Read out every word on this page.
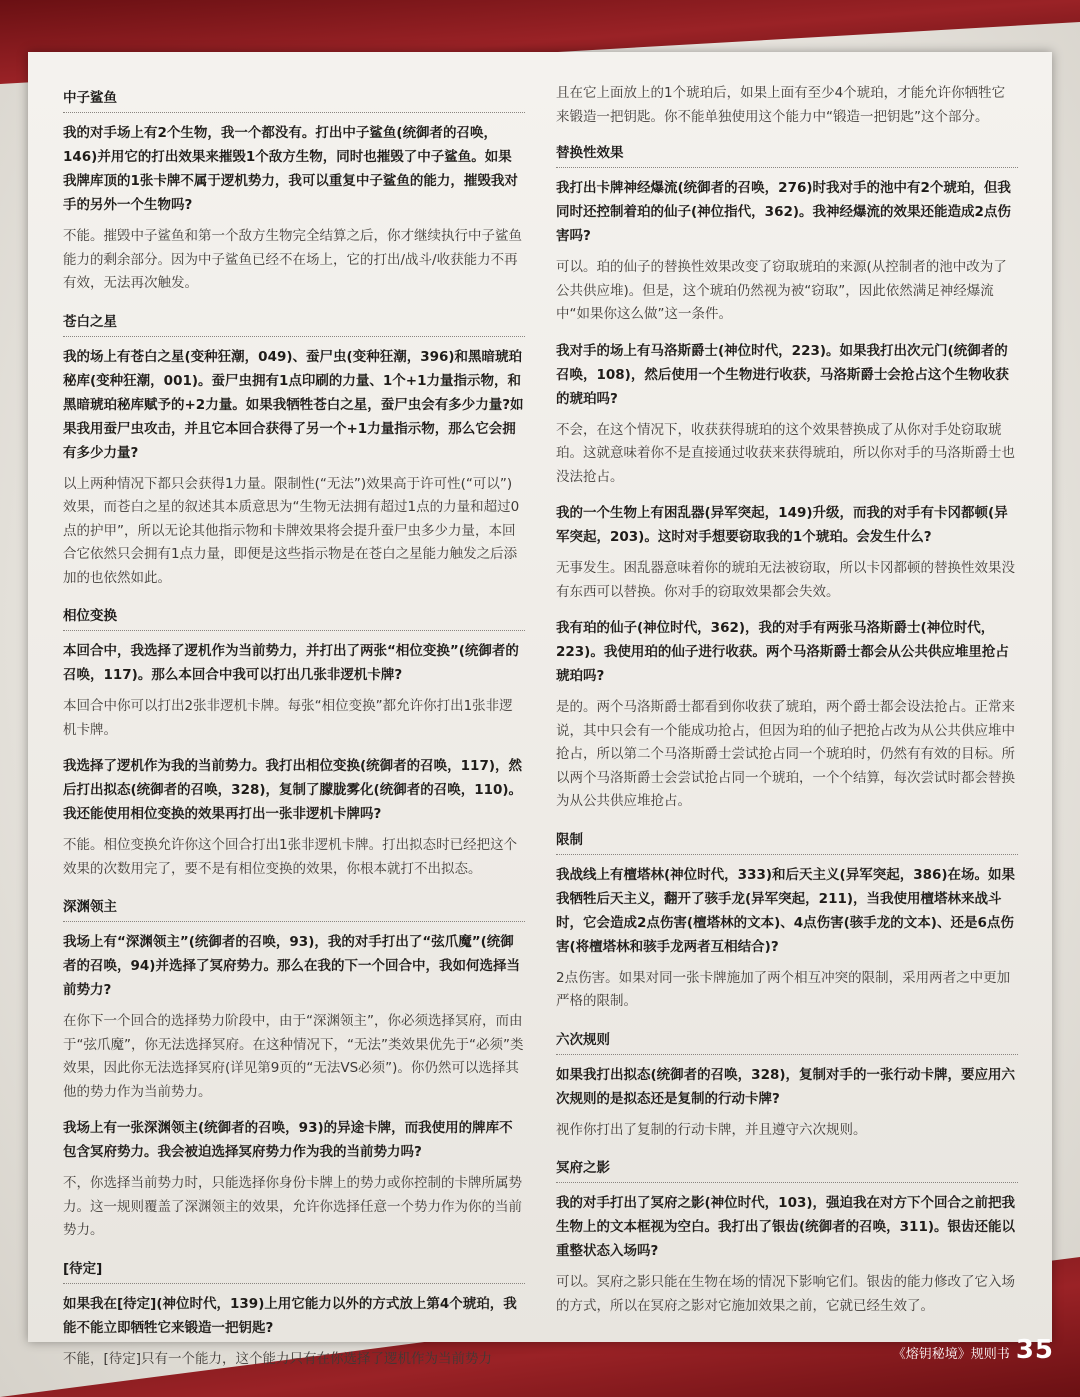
中子鲨鱼
我的对手场上有2个生物，我一个都没有。打出中子鲨鱼(统御者的召唤，146)并用它的打出效果来摧毁1个敌方生物，同时也摧毁了中子鲨鱼。如果我牌库顶的1张卡牌不属于逻机势力，我可以重复中子鲨鱼的能力，摧毁我对手的另外一个生物吗?
不能。摧毁中子鲨鱼和第一个敌方生物完全结算之后，你才继续执行中子鲨鱼能力的剩余部分。因为中子鲨鱼已经不在场上，它的打出/战斗/收获能力不再有效，无法再次触发。
苍白之星
我的场上有苍白之星(变种狂潮，049)、蚕尸虫(变种狂潮，396)和黑暗琥珀秘库(变种狂潮，001)。蚕尸虫拥有1点印刷的力量、1个+1力量指示物，和黑暗琥珀秘库赋予的+2力量。如果我牺牲苍白之星，蚕尸虫会有多少力量?如果我用蚕尸虫攻击，并且它本回合获得了另一个+1力量指示物，那么它会拥有多少力量?
以上两种情况下都只会获得1力量。限制性(“无法”)效果高于许可性(“可以”)效果，而苍白之星的叙述其本质意思为“生物无法拥有超过1点的力量和超过0点的护甲”，所以无论其他指示物和卡牌效果将会提升蚕尸虫多少力量，本回合它依然只会拥有1点力量，即便是这些指示物是在苍白之星能力触发之后添加的也依然如此。
相位变换
本回合中，我选择了逻机作为当前势力，并打出了两张“相位变换”(统御者的召唤，117)。那么本回合中我可以打出几张非逻机卡牌?
本回合中你可以打出2张非逻机卡牌。每张“相位变换”都允许你打出1张非逻机卡牌。
我选择了逻机作为我的当前势力。我打出相位变换(统御者的召唤，117)，然后打出拟态(统御者的召唤，328)，复制了朦胧雾化(统御者的召唤，110)。我还能使用相位变换的效果再打出一张非逻机卡牌吗?
不能。相位变换允许你这个回合打出1张非逻机卡牌。打出拟态时已经把这个效果的次数用完了，要不是有相位变换的效果，你根本就打不出拟态。
深渊领主
我场上有“深渊领主”(统御者的召唤，93)，我的对手打出了“弦爪魔”(统御者的召唤，94)并选择了冥府势力。那么在我的下一个回合中，我如何选择当前势力?
在你下一个回合的选择势力阶段中，由于“深渊领主”，你必须选择冥府，而由于“弦爪魔”，你无法选择冥府。在这种情况下，“无法”类效果优先于“必须”类效果，因此你无法选择冥府(详见第9页的“无法VS必须”)。你仍然可以选择其他的势力作为当前势力。
我场上有一张深渊领主(统御者的召唤，93)的异途卡牌，而我使用的牌库不包含冥府势力。我会被迫选择冥府势力作为我的当前势力吗?
不，你选择当前势力时，只能选择你身份卡牌上的势力或你控制的卡牌所属势力。这一规则覆盖了深渊领主的效果，允许你选择任意一个势力作为你的当前势力。
[待定]
如果我在[待定](神位时代，139)上用它能力以外的方式放上第4个琥珀，我能不能立即牺牲它来锻造一把钥匙?
不能，[待定]只有一个能力，这个能力只有在你选择了逻机作为当前势力
且在它上面放上的1个琥珀后，如果上面有至少4个琥珀，才能允许你牺牲它来锻造一把钥匙。你不能单独使用这个能力中“锻造一把钥匙”这个部分。
替换性效果
我打出卡牌神经爆流(统御者的召唤，276)时我对手的池中有2个琥珀，但我同时还控制着珀的仙子(神位指代，362)。我神经爆流的效果还能造成2点伤害吗?
可以。珀的仙子的替换性效果改变了窃取琥珀的来源(从控制者的池中改为了公共供应堆)。但是，这个琥珀仍然视为被“窃取”，因此依然满足神经爆流中“如果你这么做”这一条件。
我对手的场上有马洛斯爵士(神位时代，223)。如果我打出次元门(统御者的召唤，108)，然后使用一个生物进行收获，马洛斯爵士会抢占这个生物收获的琥珀吗?
不会，在这个情况下，收获获得琥珀的这个效果替换成了从你对手处窃取琥珀。这就意味着你不是直接通过收获来获得琥珀，所以你对手的马洛斯爵士也没法抢占。
我的一个生物上有困乱器(异军突起，149)升级，而我的对手有卡冈都顿(异军突起，203)。这时对手想要窃取我的1个琥珀。会发生什么?
无事发生。困乱器意味着你的琥珀无法被窃取，所以卡冈都顿的替换性效果没有东西可以替换。你对手的窃取效果都会失效。
我有珀的仙子(神位时代，362)，我的对手有两张马洛斯爵士(神位时代，223)。我使用珀的仙子进行收获。两个马洛斯爵士都会从公共供应堆里抢占琥珀吗?
是的。两个马洛斯爵士都看到你收获了琥珀，两个爵士都会设法抢占。正常来说，其中只会有一个能成功抢占，但因为珀的仙子把抢占改为从公共供应堆中抢占，所以第二个马洛斯爵士尝试抢占同一个琥珀时，仍然有有效的目标。所以两个马洛斯爵士会尝试抢占同一个琥珀，一个个结算，每次尝试时都会替换为从公共供应堆抢占。
限制
我战线上有檀塔林(神位时代，333)和后天主义(异军突起，386)在场。如果我牺牲后天主义，翻开了骇手龙(异军突起，211)，当我使用檀塔林来战斗时，它会造成2点伤害(檀塔林的文本)、4点伤害(骇手龙的文本)、还是6点伤害(将檀塔林和骇手龙两者互相结合)?
2点伤害。如果对同一张卡牌施加了两个相互冲突的限制，采用两者之中更加严格的限制。
六次规则
如果我打出拟态(统御者的召唤，328)，复制对手的一张行动卡牌，要应用六次规则的是拟态还是复制的行动卡牌?
视作你打出了复制的行动卡牌，并且遵守六次规则。
冥府之影
我的对手打出了冥府之影(神位时代，103)，强迫我在对方下个回合之前把我生物上的文本框视为空白。我打出了银齿(统御者的召唤，311)。银齿还能以重整状态入场吗?
可以。冥府之影只能在生物在场的情况下影响它们。银齿的能力修改了它入场的方式，所以在冥府之影对它施加效果之前，它就已经生效了。
《熔钥秘境》规则书 35
